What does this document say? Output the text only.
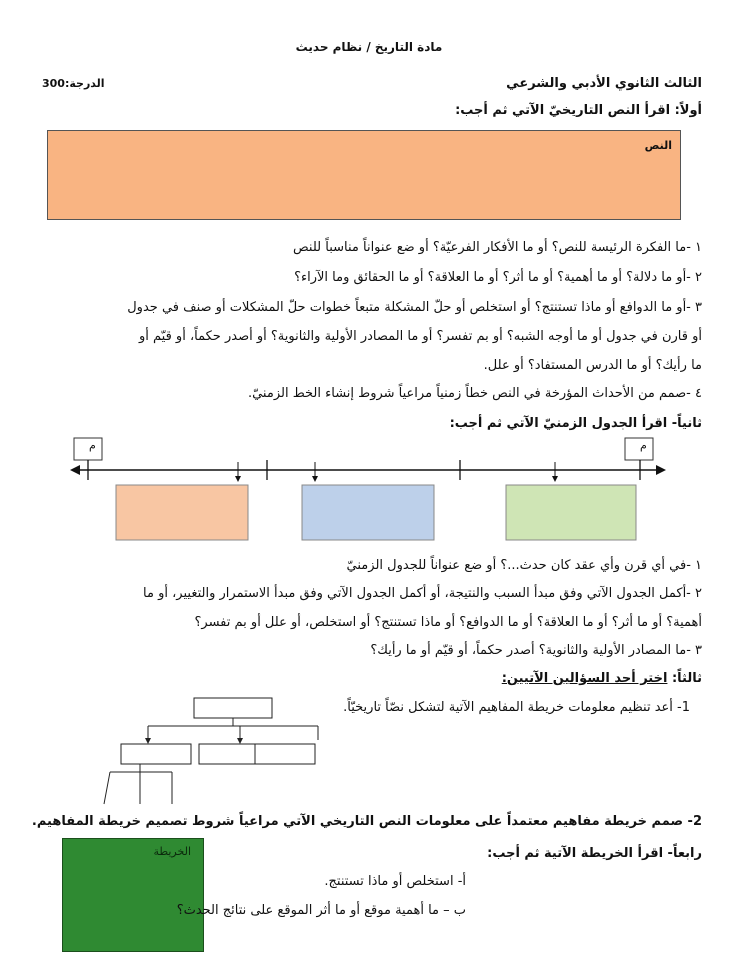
مادة التاريخ / نظام حديث
الثالث الثانوي الأدبي والشرعي
الدرجة:300
أولاً: اقرأ النص التاريخيّ الآتي ثم أجب:
النص
١ -ما الفكرة الرئيسة للنص؟ أو ما الأفكار الفرعيّة؟ أو ضع عنواناً مناسباً للنص
٢ -أو ما دلالة؟ أو ما أهمية؟ أو ما أثر؟ أو ما العلاقة؟ أو ما الحقائق وما الآراء؟
٣ -أو ما الدوافع أو ماذا تستنتج؟ أو استخلص أو حلّ المشكلة متبعاً خطوات حلّ المشكلات أو صنف في جدول
أو قارن في جدول أو ما أوجه الشبه؟ أو بم تفسر؟ أو ما المصادر الأولية والثانوية؟ أو أصدر حكماً، أو قيّم أو
ما رأيك؟ أو ما الدرس المستفاد؟ أو علل.
٤ -صمم من الأحداث المؤرخة في النص خطاً زمنياً مراعياً شروط إنشاء الخط الزمنيّ.
ثانياً- اقرأ الجدول الزمنيّ الآتي ثم أجب:
م	م
١ -في أي قرن وأي عقد كان حدث...؟ أو ضع عنواناً للجدول الزمنيّ
٢ -أكمل الجدول الآتي وفق مبدأ السبب والنتيجة، أو أكمل الجدول الآتي وفق مبدأ الاستمرار والتغيير، أو ما
أهمية؟ أو ما أثر؟ أو ما العلاقة؟ أو ما الدوافع؟ أو ماذا تستنتج؟ أو استخلص، أو علل أو بم تفسر؟
٣ -ما المصادر الأولية والثانوية؟ أصدر حكماً، أو قيّم أو ما رأيك؟
ثالثاً: اختر أحد السؤالين الآتيين:
1- أعد تنظيم معلومات خريطة المفاهيم الآتية لتشكل نصّاً تاريخيّاً.
2- صمم خريطة مفاهيم معتمداً على معلومات النص التاريخي الآتي مراعياً شروط تصميم خريطة المفاهيم.
رابعاً- اقرأ الخريطة الآتية ثم أجب:
الخريطة
أ- استخلص أو ماذا تستنتج.
ب – ما أهمية موقع أو ما أثر الموقع على نتائج الحدث؟
